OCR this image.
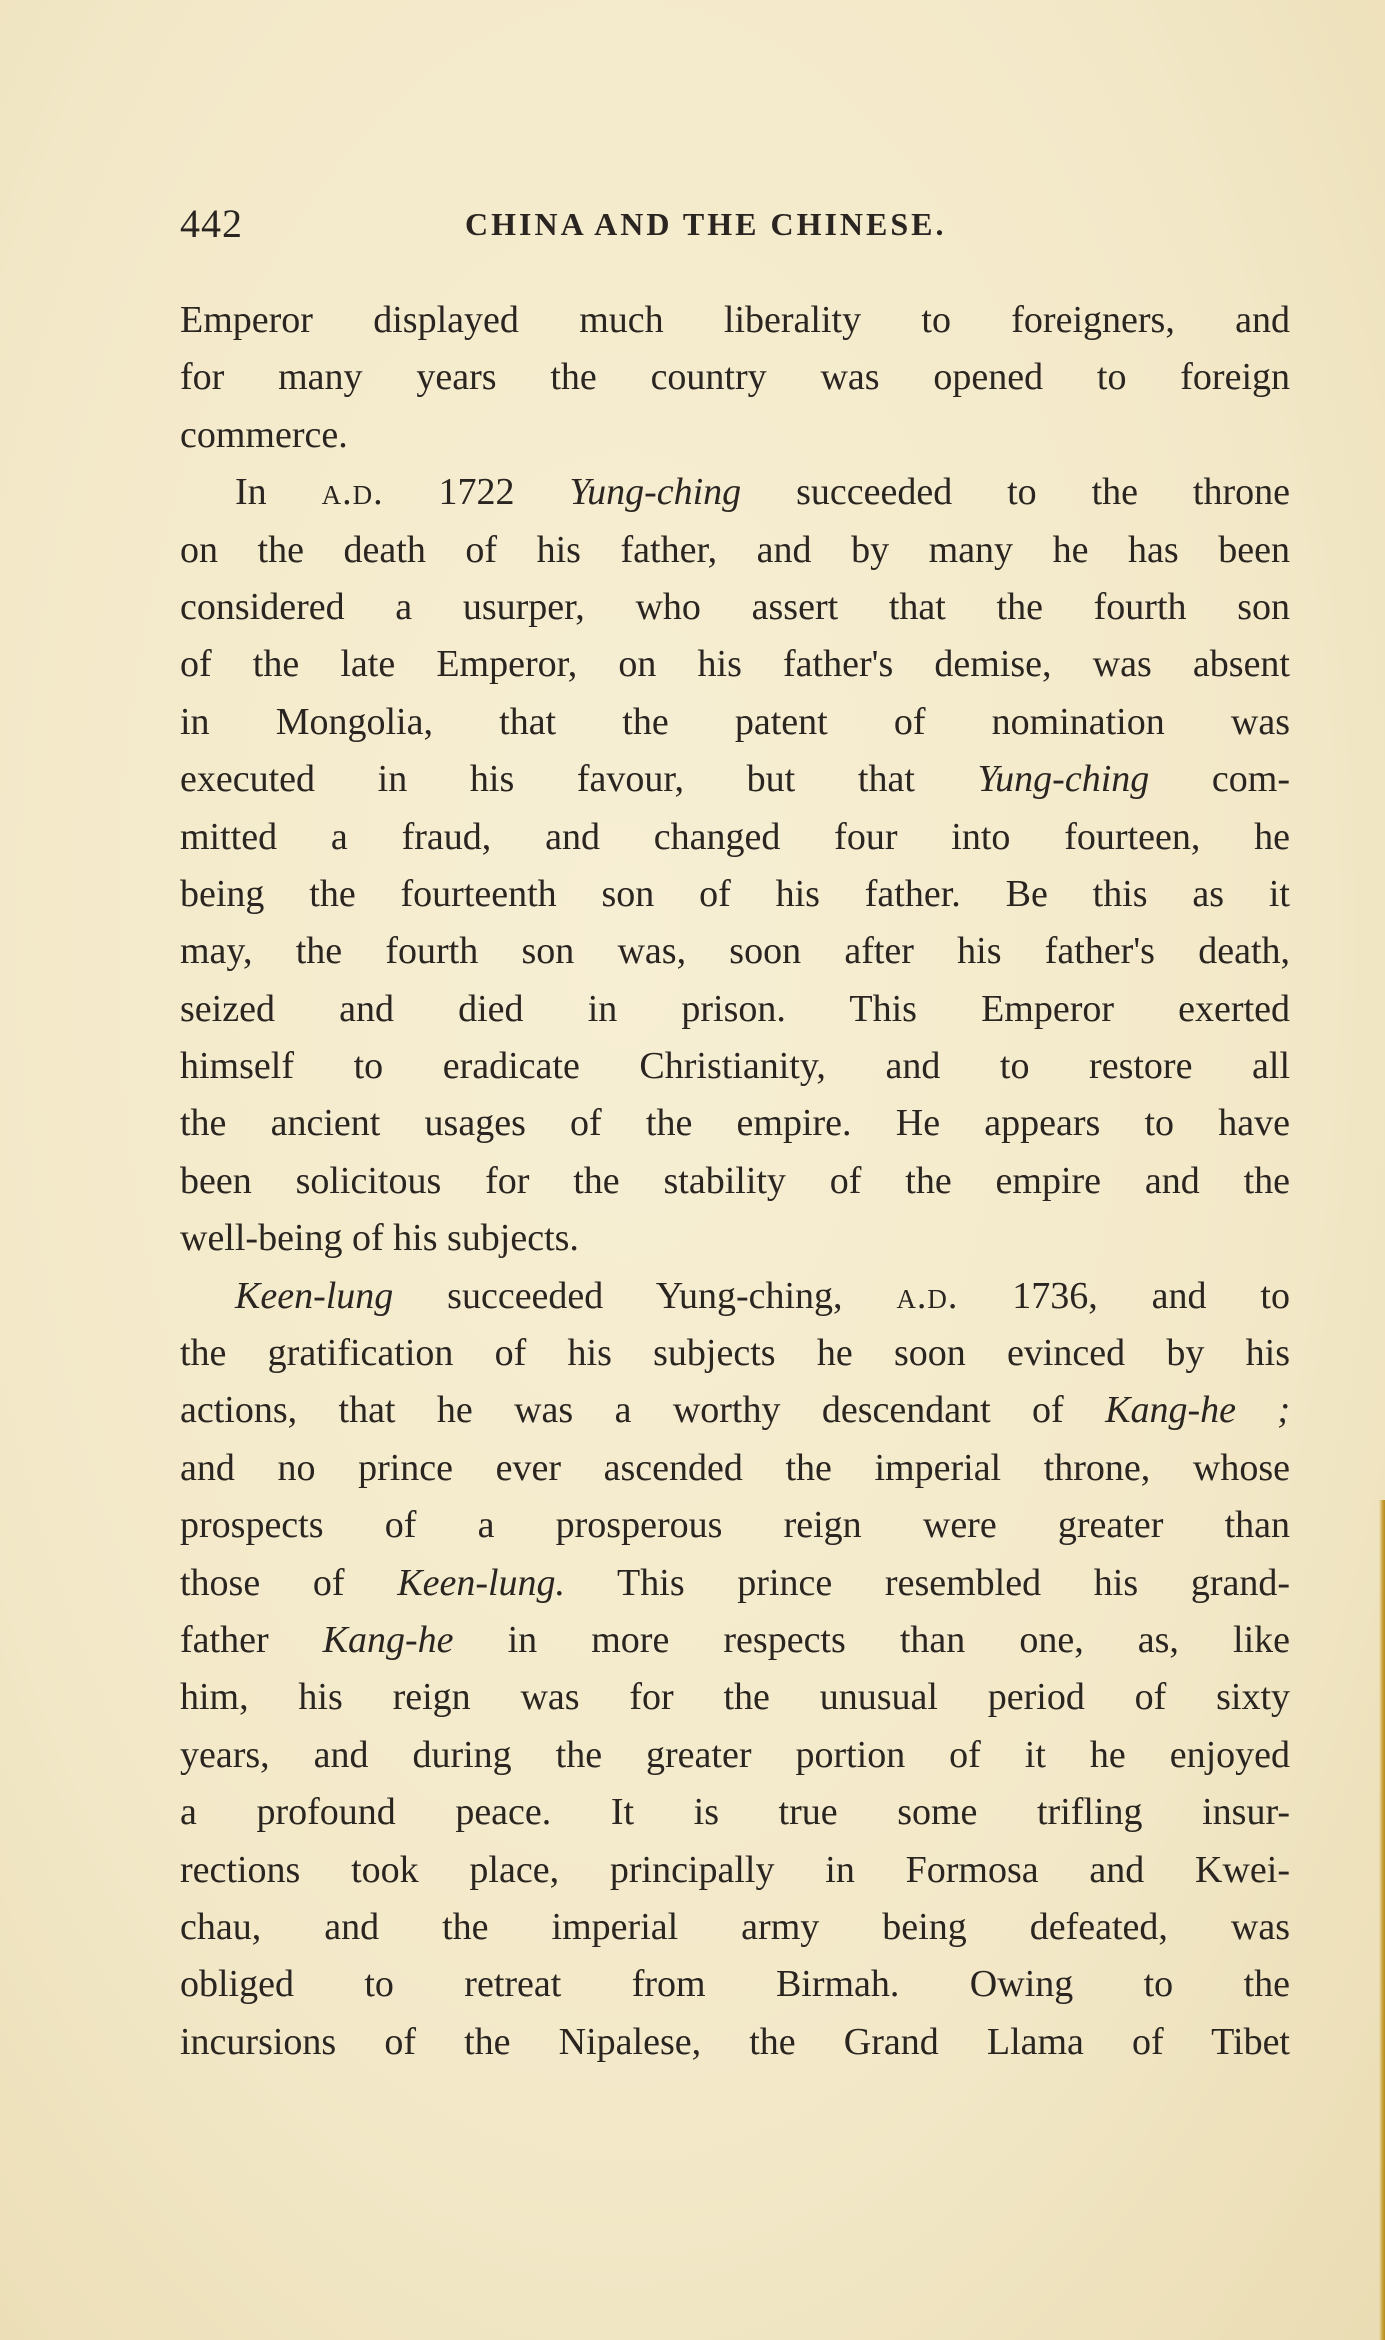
442	CHINA AND THE CHINESE.
Emperor displayed much liberality to foreigners, and
for many years the country was opened to foreign
commerce.
In a.d. 1722 Yung-ching succeeded to the throne
on the death of his father, and by many he has been
considered a usurper, who assert that the fourth son
of the late Emperor, on his father's demise, was absent
in Mongolia, that the patent of nomination was
executed in his favour, but that Yung-ching com-
mitted a fraud, and changed four into fourteen, he
being the fourteenth son of his father. Be this as it
may, the fourth son was, soon after his father's death,
seized and died in prison. This Emperor exerted
himself to eradicate Christianity, and to restore all
the ancient usages of the empire. He appears to have
been solicitous for the stability of the empire and the
well-being of his subjects.
Keen-lung succeeded Yung-ching, a.d. 1736, and to
the gratification of his subjects he soon evinced by his
actions, that he was a worthy descendant of Kang-he ;
and no prince ever ascended the imperial throne, whose
prospects of a prosperous reign were greater than
those of Keen-lung. This prince resembled his grand-
father Kang-he in more respects than one, as, like
him, his reign was for the unusual period of sixty
years, and during the greater portion of it he enjoyed
a profound peace. It is true some trifling insur-
rections took place, principally in Formosa and Kwei-
chau, and the imperial army being defeated, was
obliged to retreat from Birmah. Owing to the
incursions of the Nipalese, the Grand Llama of Tibet
